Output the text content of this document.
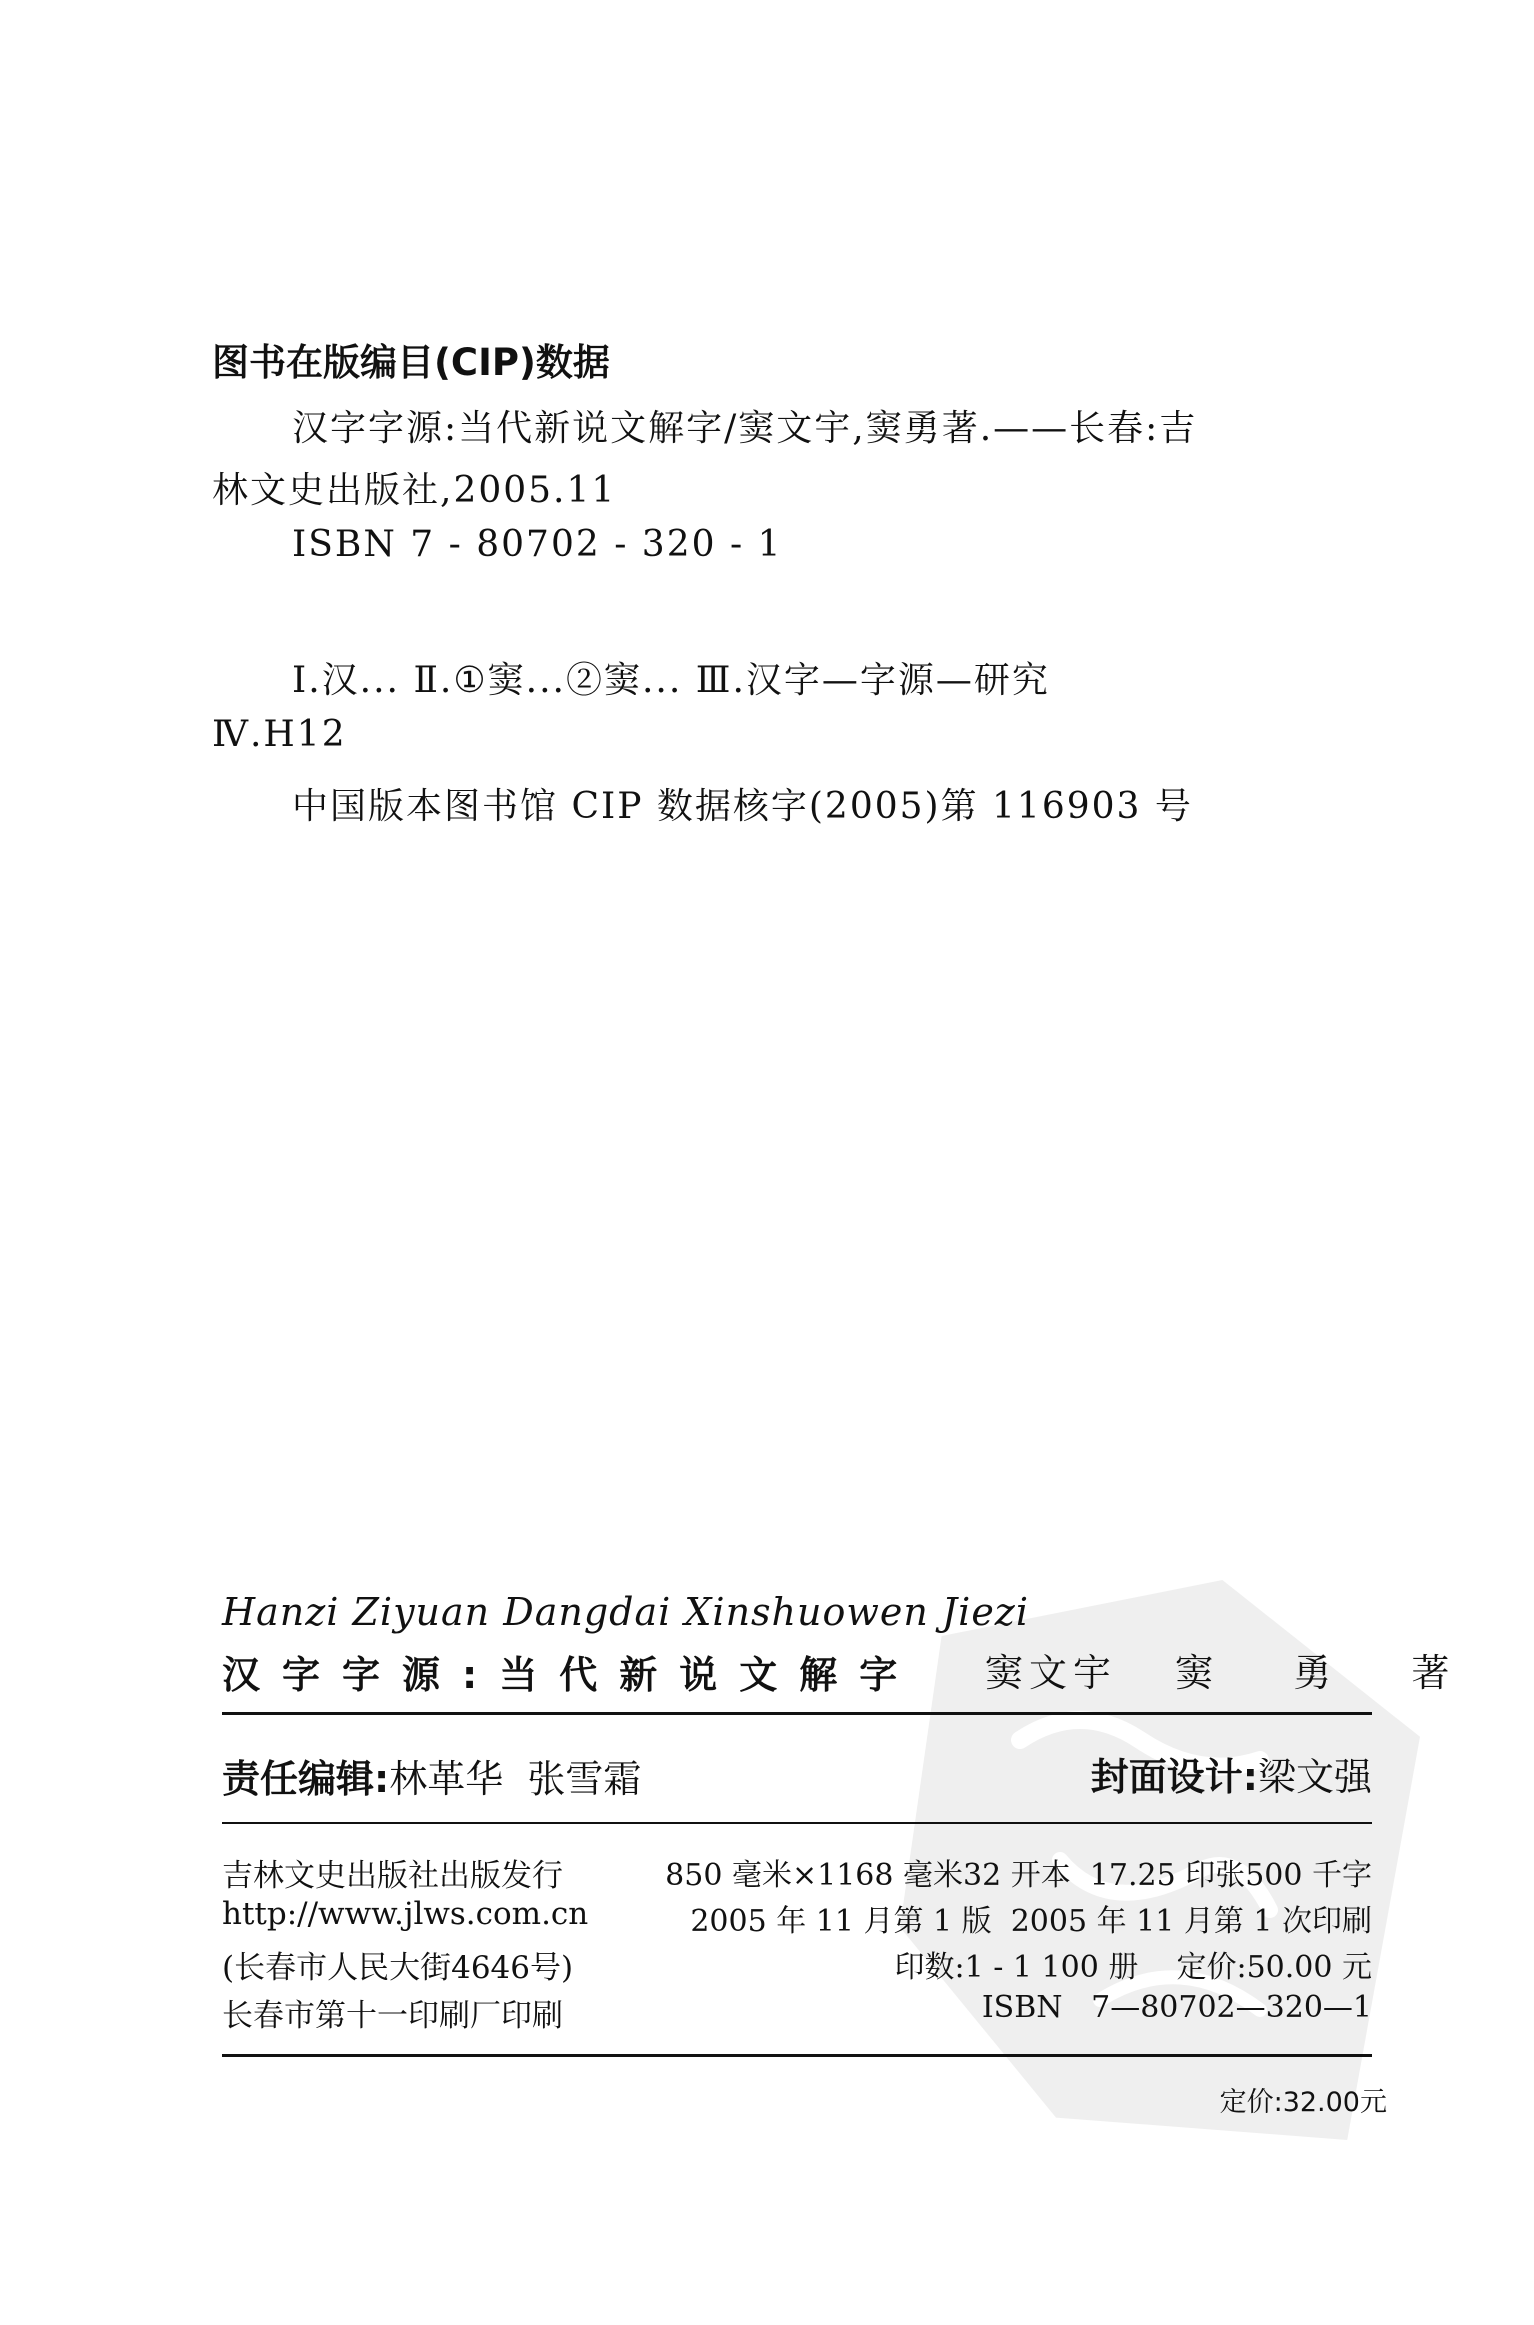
图书在版编目(CIP)数据
汉字字源:当代新说文解字/窦文宇,窦勇著.——长春:吉
林文史出版社,2005.11
ISBN 7 - 80702 - 320 - 1
Ⅰ.汉... Ⅱ.①窦...②窦... Ⅲ.汉字—字源—研究
Ⅳ.H12
中国版本图书馆 CIP 数据核字(2005)第 116903 号
Hanzi Ziyuan Dangdai Xinshuowen Jiezi
汉字字源:当代新说文解字 窦文宇 窦 勇 著
责任编辑:林革华  张雪霜	封面设计:梁文强
吉林文史出版社出版发行
http://www.jlws.com.cn
(长春市人民大街4646号)
长春市第十一印刷厂印刷
850 毫米×1168 毫米32 开本  17.25 印张500 千字
2005 年 11 月第 1 版  2005 年 11 月第 1 次印刷
印数:1 - 1 100 册    定价:50.00 元
ISBN   7—80702—320—1
定价:32.00元
